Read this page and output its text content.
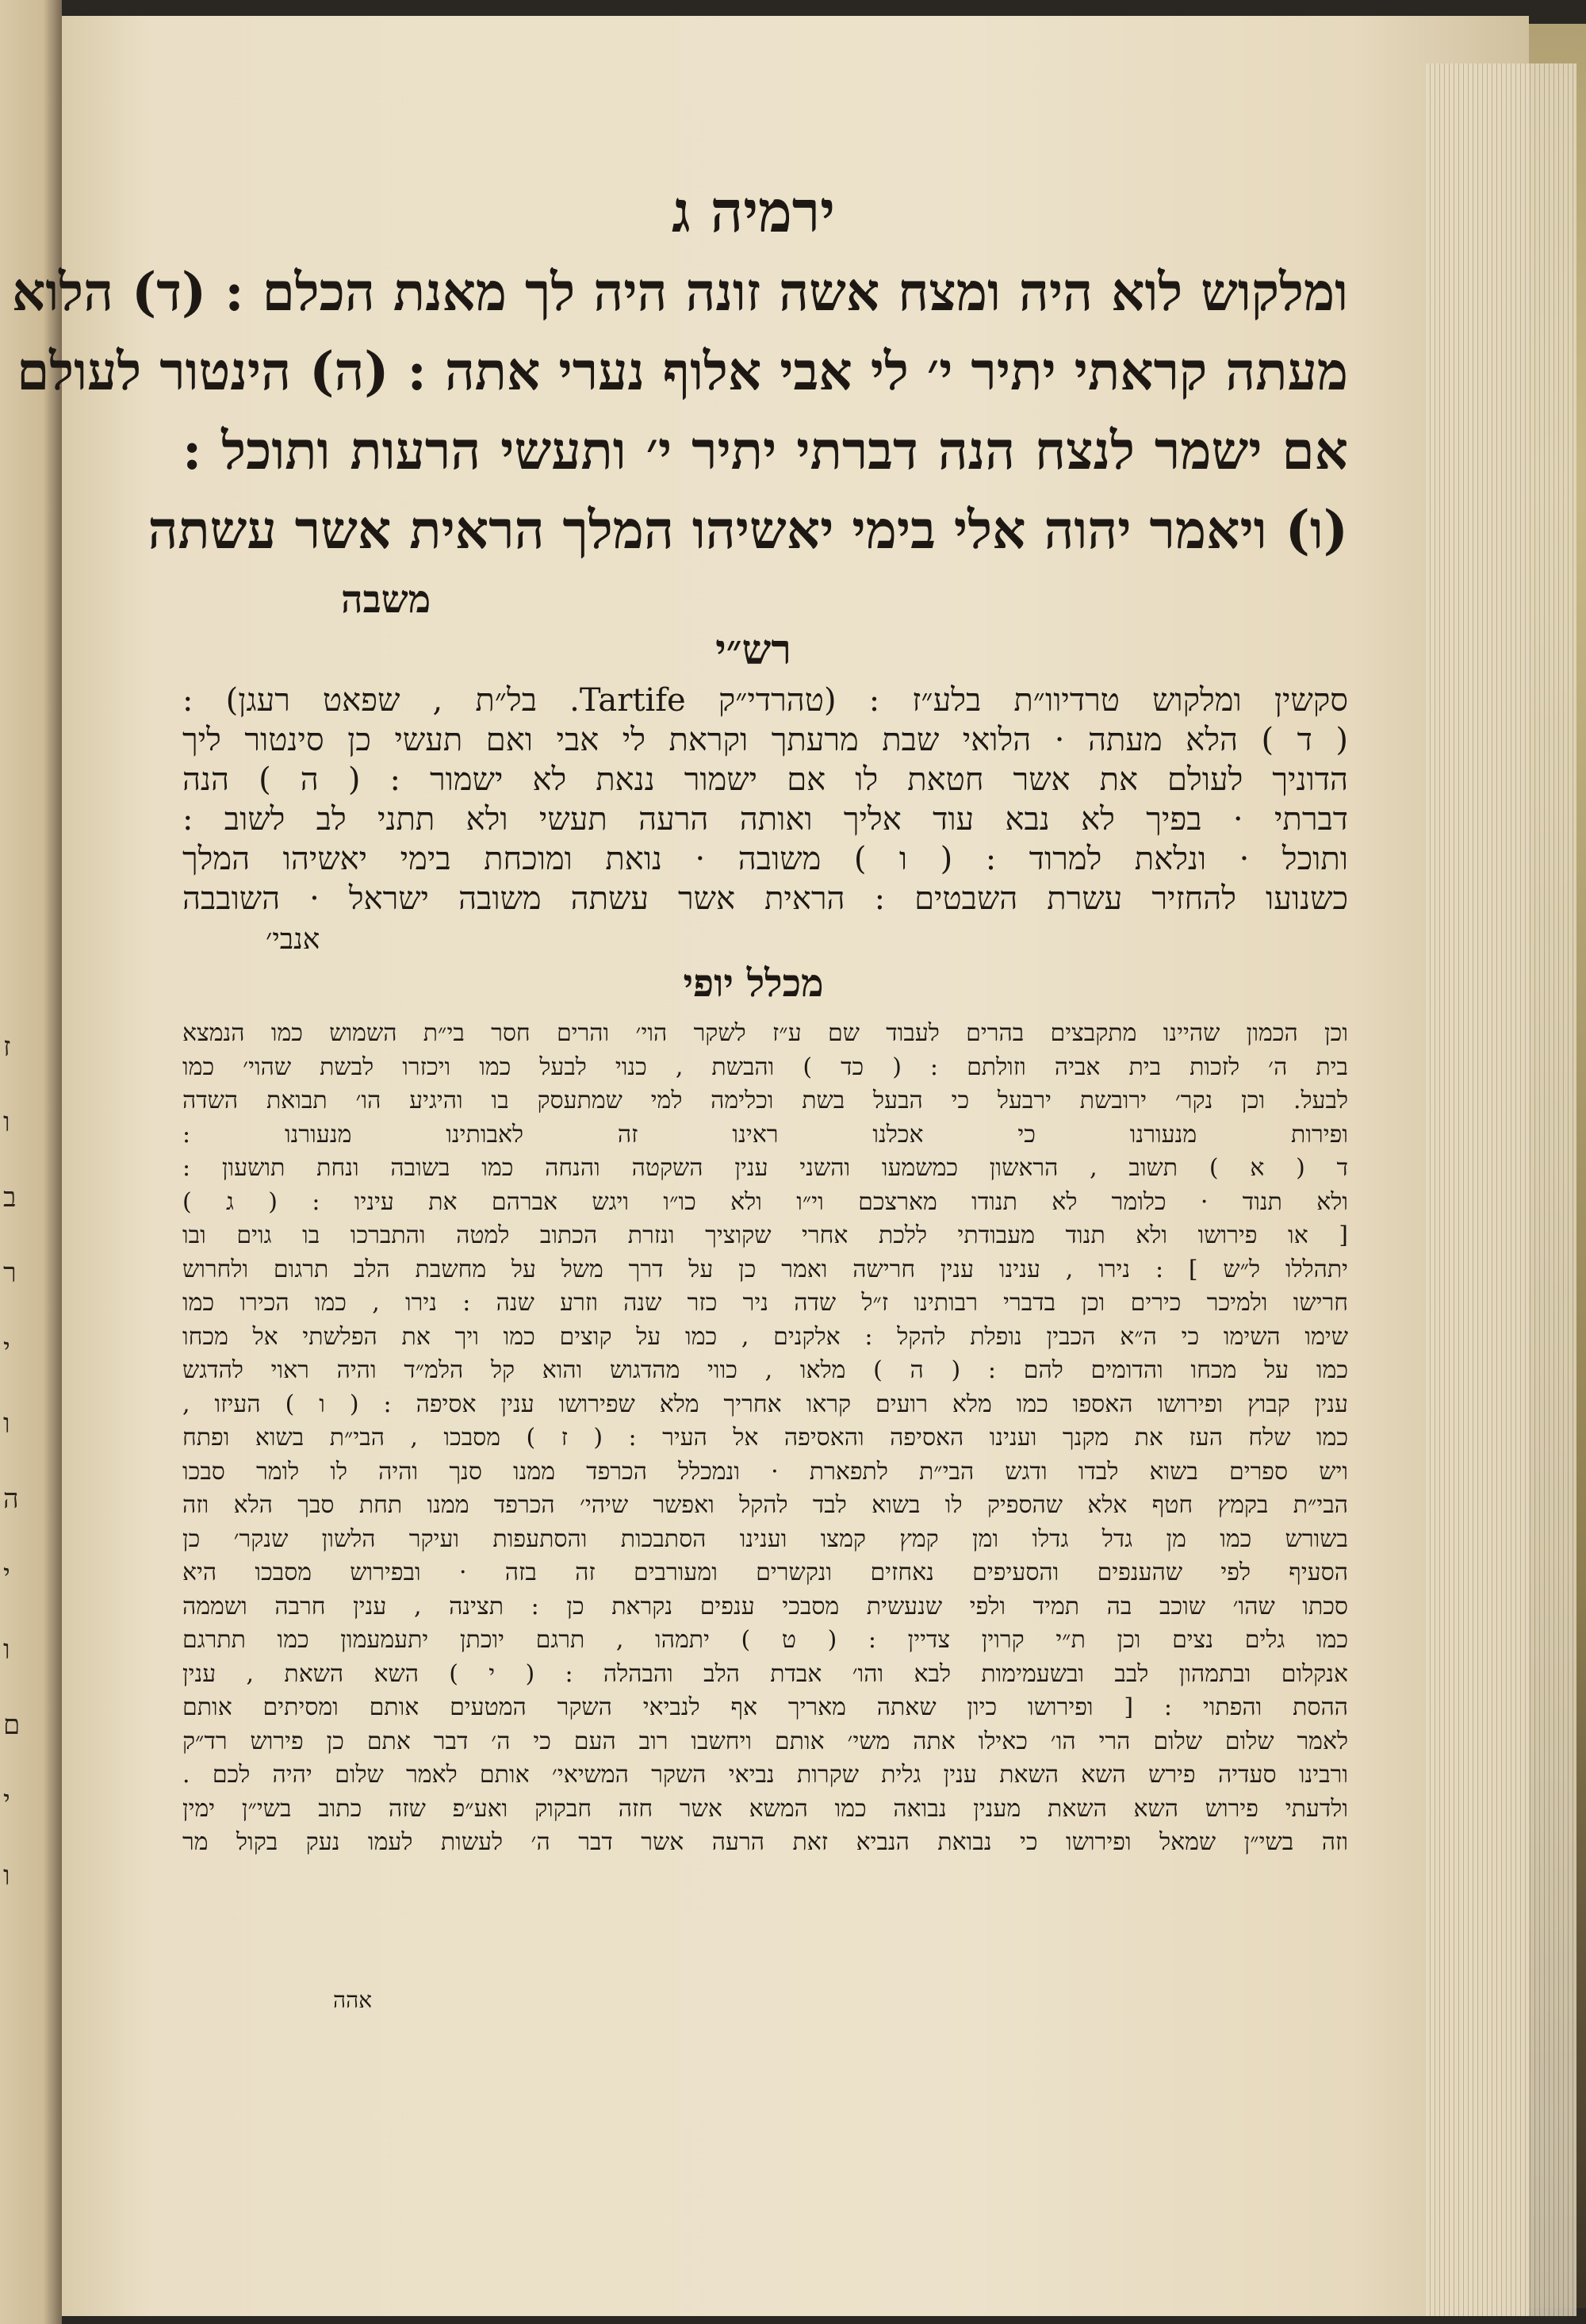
ז
ו
ב
ר
י
ו
ה
י
ו
ם
י
ו
ירמיה ג
ומלקוש לוא היה ומצח אשה זונה היה לך מאנת הכלם : (ד) הלוא
מעתה קראתי יתיר י׳ לי אבי אלוף נערי אתה : (ה) הינטור לעולם
אם ישמר לנצח הנה דברתי יתיר י׳ ותעשי הרעות ותוכל :
(ו) ויאמר יהוה אלי בימי יאשיהו המלך הראית אשר עשתה
משבה
רש״י
סקשין ומלקוש טרדיוו״ת בלע״ז : (טהרדי״ק Tartife. בל״ת , שפאט רעגן) :
( ד ) הלא מעתה · הלואי שבת מרעתך וקראת לי אבי ואם תעשי כן סינטור ליך
הדוניך לעולם את אשר חטאת לו אם ישמור ננאת לא ישמור : ( ה ) הנה
דברתי · בפיך לא נבא עוד אליך ואותה הרעה תעשי ולא תתני לב לשוב :
ותוכל · ונלאת למרוד : ( ו ) משובה · נואת ומוכחת בימי יאשיהו המלך
כשנועו להחזיר עשרת השבטים : הראית אשר עשתה משובה ישראל · השובבה
אנבי׳
מכלל יופי
וכן הכמון שהיינו מתקבצים בהרים לעבוד שם ע״ז לשקר הוי׳ והרים חסר בי״ת השמוש כמו הנמצא
בית ה׳ לזכות בית אביה וזולתם : ( כד ) והבשת , כנוי לבעל כמו ויכזרו לבשת שהוי׳ כמו
לבעל. וכן נקר׳ ירובשת ירבעל כי הבעל בשת וכלימה למי שמתעסק בו והיגיע הו׳ תבואת השדה
ופירות מנעורנו כי אכלנו ראינו זה לאבותינו מנעורנו :
ד ( א ) תשוב , הראשון כמשמעו והשני ענין השקטה והנחה כמו בשובה ונחת תושעון :
ולא תנוד · כלומר לא תנודו מארצכם וי״ו ולא כו״ו ויגש אברהם את עיניו : ( ג )
[ או פירושו ולא תנוד מעבודתי ללכת אחרי שקוציך ונזרת הכתוב למטה והתברכו בו גוים ובו
יתהללו ל״ש ] : נירו , ענינו ענין חרישה ואמר כן על דרך משל על מחשבת הלב תרגום ולחרוש
חרישו ולמיכר כירים וכן בדברי רבותינו ז״ל שדה ניר כזר שנה וזרע שנה : נירו , כמו הכירו כמו
שימו השימו כי ה״א הכבין נופלת להקל : אלקנים , כמו על קוצים כמו ויך את הפלשתי אל מכחו
כמו על מכחו והדומים להם : ( ה ) מלאו , כווי מהדגוש והוא קל הלמ״ד והיה ראוי להדגש
ענין קבוץ ופירושו האספו כמו מלא רועים קראו אחריך מלא שפירושו ענין אסיפה : ( ו ) העיזו ,
כמו שלח העז את מקנך וענינו האסיפה והאסיפה אל העיר : ( ז ) מסבכו , הבי״ת בשוא ופתח
ויש ספרים בשוא לבדו ודגש הבי״ת לתפארת · ונמכלל הכרפד ממנו סנך והיה לו לומר סבכו
הבי״ת בקמץ חטף אלא שהספיק לו בשוא לבד להקל ואפשר שיהי׳ הכרפד ממנו תחת סבך הלא וזה
בשורש כמו מן גדל גדלו ומן קמץ קמצו וענינו הסתבכות והסתעפות ועיקר הלשון שנקר׳ כן
הסעיף לפי שהענפים והסעיפים נאחזים ונקשרים ומעורבים זה בזה · ובפירוש מסבכו היא
סכתו שהו׳ שוכב בה תמיד ולפי שנעשית מסבכי ענפים נקראת כן : תצינה , ענין חרבה ושממה
כמו גלים נצים וכן ת״י קרוין צדיין : ( ט ) יתמהו , תרגם יוכתן יתעמעמון כמו תתרגם
אנקלום ובתמהון לבב ובשעמימות לבא והו׳ אבדת הלב והבהלה : ( י ) השא השאת , ענין
ההסת והפתוי : [ ופירושו כיון שאתה מאריך אף לנביאי השקר המטעים אותם ומסיתים אותם
לאמר שלום שלום הרי הו׳ כאילו אתה משי׳ אותם ויחשבו רוב העם כי ה׳ דבר אתם כן פירוש רד״ק
ורבינו סעדיה פירש השא השאת ענין גלית שקרות נביאי השקר המשיאי׳ אותם לאמר שלום יהיה לכם .
ולדעתי פירוש השא השאת מענין נבואה כמו המשא אשר חזה חבקוק ואע״פ שזה כתוב בשי״ן ימין
וזה בשי״ן שמאל ופירושו כי נבואת הנביא זאת הרעה אשר דבר ה׳ לעשות לעמו נעק בקול מר
אהה
